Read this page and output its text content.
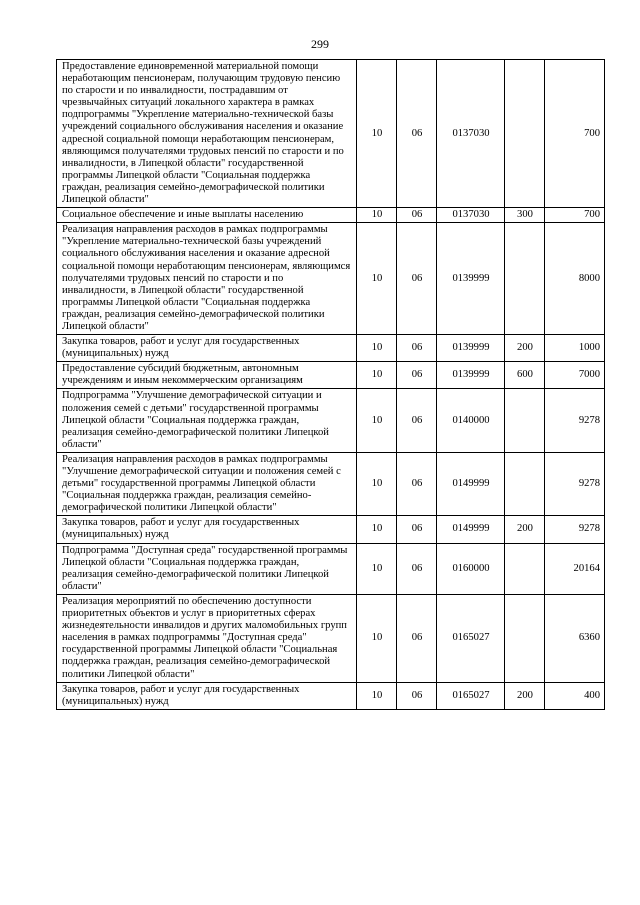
299
Предоставление единовременной материальной помощи неработающим пенсионерам, получающим трудовую пенсию по старости и по инвалидности, пострадавшим от чрезвычайных ситуаций локального характера в рамках подпрограммы "Укрепление материально-технической базы учреждений социального обслуживания населения и оказание адресной социальной помощи неработающим пенсионерам, являющимся получателями трудовых пенсий по старости и по инвалидности, в Липецкой области" государственной программы Липецкой области "Социальная поддержка граждан, реализация семейно-демографической политики Липецкой области"	10	06	0137030		700
Социальное обеспечение и иные выплаты населению	10	06	0137030	300	700
Реализация направления расходов в рамках подпрограммы "Укрепление материально-технической базы учреждений социального обслуживания населения и оказание адресной социальной помощи неработающим пенсионерам, являющимся получателями трудовых пенсий по старости и по инвалидности, в Липецкой области" государственной программы Липецкой области "Социальная поддержка граждан, реализация семейно-демографической политики Липецкой области"	10	06	0139999		8000
Закупка товаров, работ и услуг для государственных (муниципальных) нужд	10	06	0139999	200	1000
Предоставление субсидий бюджетным, автономным учреждениям и иным некоммерческим организациям	10	06	0139999	600	7000
Подпрограмма "Улучшение демографической ситуации и положения семей с детьми" государственной программы Липецкой области "Социальная поддержка граждан, реализация семейно-демографической политики Липецкой области"	10	06	0140000		9278
Реализация направления расходов в рамках подпрограммы "Улучшение демографической ситуации и положения семей с детьми" государственной программы Липецкой области "Социальная поддержка граждан, реализация семейно-демографической политики Липецкой области"	10	06	0149999		9278
Закупка товаров, работ и услуг для государственных (муниципальных) нужд	10	06	0149999	200	9278
Подпрограмма "Доступная среда" государственной программы Липецкой области "Социальная поддержка граждан, реализация семейно-демографической политики Липецкой области"	10	06	0160000		20164
Реализация мероприятий по обеспечению доступности приоритетных объектов и услуг в приоритетных сферах жизнедеятельности инвалидов и других маломобильных групп населения в рамках подпрограммы "Доступная среда" государственной программы Липецкой области "Социальная поддержка граждан, реализация семейно-демографической политики Липецкой области"	10	06	0165027		6360
Закупка товаров, работ и услуг для государственных (муниципальных) нужд	10	06	0165027	200	400
